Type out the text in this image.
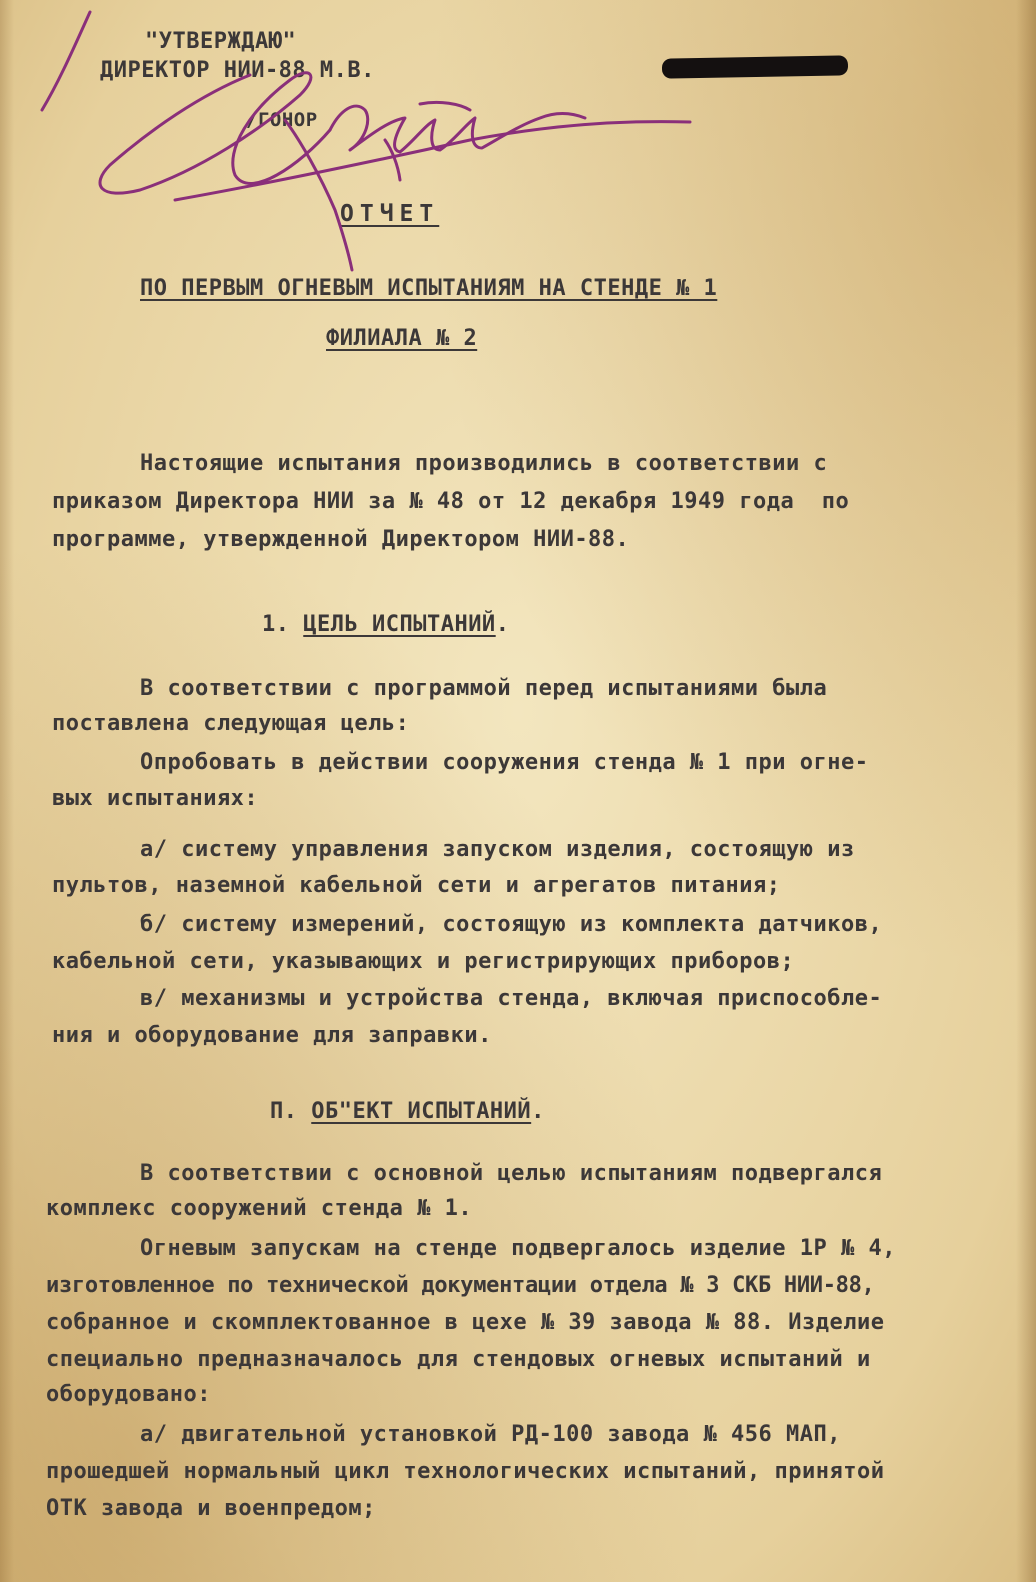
"УТВЕРЖДАЮ"
ДИРЕКТОР НИИ-88 М.В.
/ГОНОР
ОТЧЕТ
ПО ПЕРВЫМ ОГНЕВЫМ ИСПЫТАНИЯМ НА СТЕНДЕ № 1
ФИЛИАЛА № 2
Настоящие испытания производились в соответствии с
приказом Директора НИИ за № 48 от 12 декабря 1949 года  по
программе, утвержденной Директором НИИ-88.
1. ЦЕЛЬ ИСПЫТАНИЙ.
В соответствии с программой перед испытаниями была
поставлена следующая цель:
Опробовать в действии сооружения стенда № 1 при огне-
вых испытаниях:
а/ систему управления запуском изделия, состоящую из
пультов, наземной кабельной сети и агрегатов питания;
б/ систему измерений, состоящую из комплекта датчиков,
кабельной сети, указывающих и регистрирующих приборов;
в/ механизмы и устройства стенда, включая приспособле-
ния и оборудование для заправки.
П. ОБ"ЕКТ ИСПЫТАНИЙ.
В соответствии с основной целью испытаниям подвергался
комплекс сооружений стенда № 1.
Огневым запускам на стенде подвергалось изделие 1Р № 4,
изготовленное по технической документации отдела № 3 СКБ НИИ-88,
собранное и скомплектованное в цехе № 39 завода № 88. Изделие
специально предназначалось для стендовых огневых испытаний и
оборудовано:
а/ двигательной установкой РД-100 завода № 456 МАП,
прошедшей нормальный цикл технологических испытаний, принятой
ОТК завода и военпредом;
